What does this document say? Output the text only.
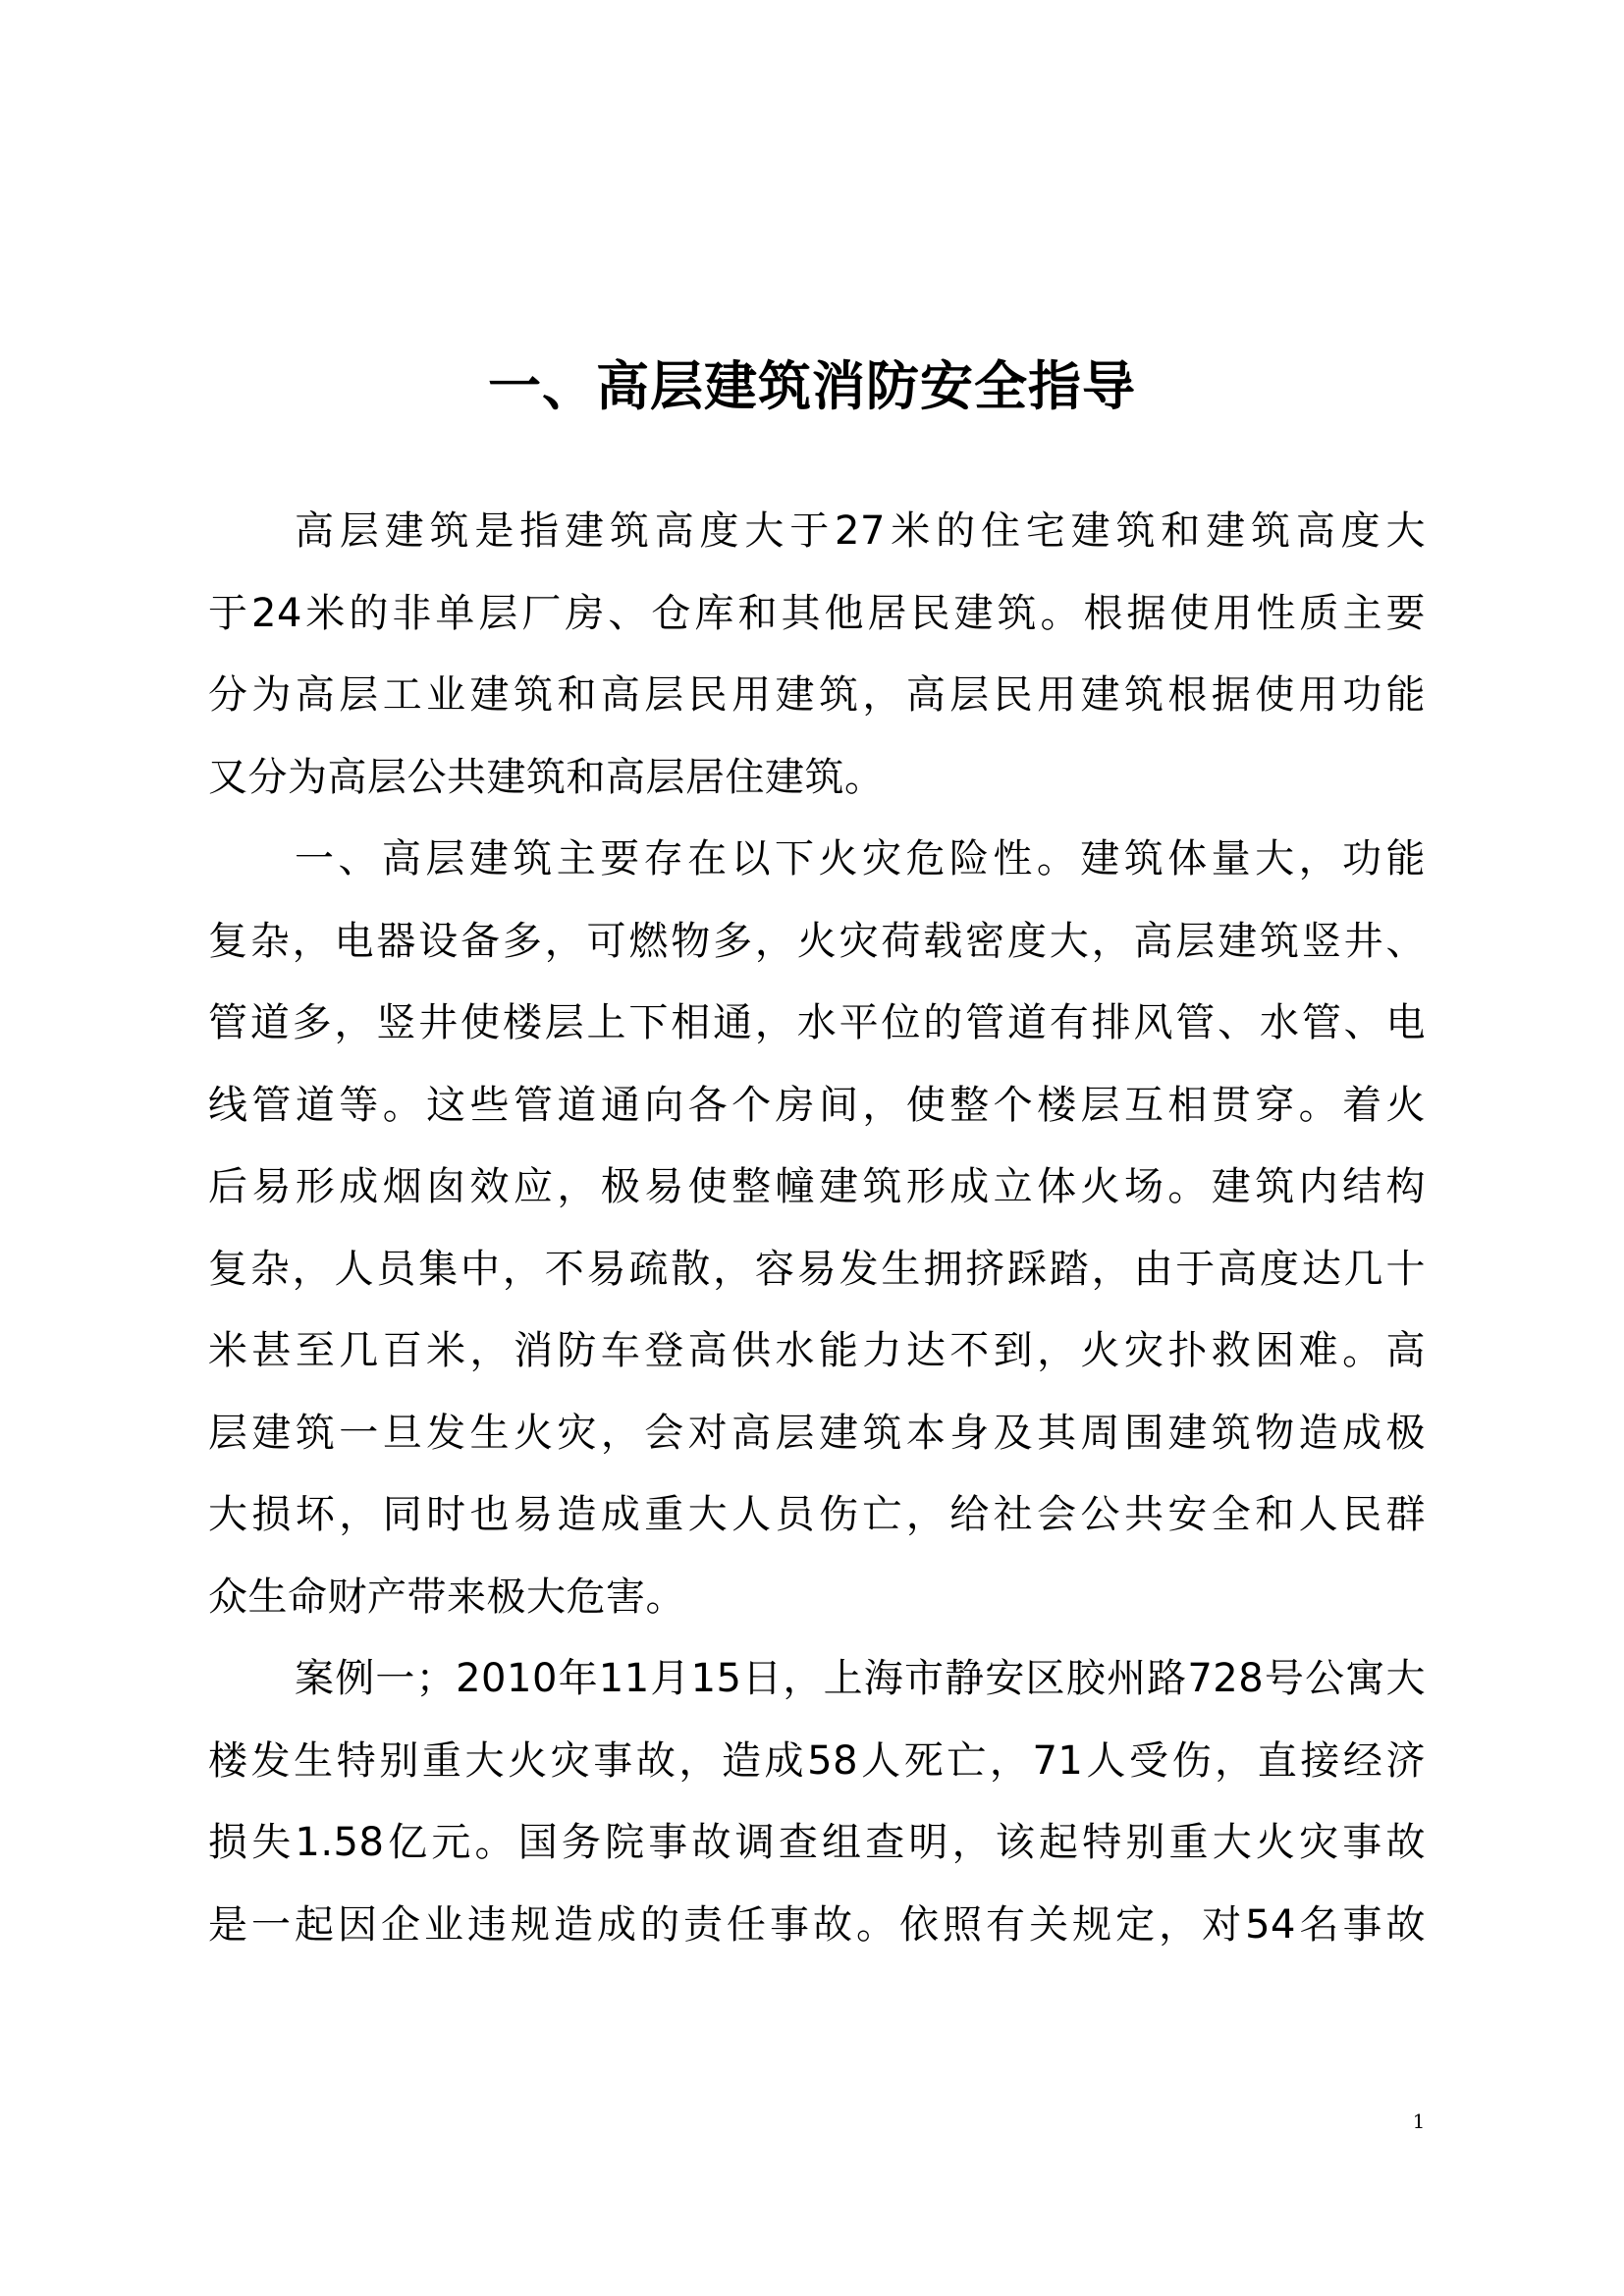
一、高层建筑消防安全指导
高层建筑是指建筑高度大于27米的住宅建筑和建筑高度大
于24米的非单层厂房、仓库和其他居民建筑。根据使用性质主要
分为高层工业建筑和高层民用建筑，高层民用建筑根据使用功能
又分为高层公共建筑和高层居住建筑。
一、高层建筑主要存在以下火灾危险性。建筑体量大，功能
复杂，电器设备多，可燃物多，火灾荷载密度大，高层建筑竖井、
管道多，竖井使楼层上下相通，水平位的管道有排风管、水管、电
线管道等。这些管道通向各个房间，使整个楼层互相贯穿。着火
后易形成烟囱效应，极易使整幢建筑形成立体火场。建筑内结构
复杂，人员集中，不易疏散，容易发生拥挤踩踏，由于高度达几十
米甚至几百米，消防车登高供水能力达不到，火灾扑救困难。高
层建筑一旦发生火灾，会对高层建筑本身及其周围建筑物造成极
大损坏，同时也易造成重大人员伤亡，给社会公共安全和人民群
众生命财产带来极大危害。
案例一；2010年11月15日，上海市静安区胶州路728号公寓大
楼发生特别重大火灾事故，造成58人死亡，71人受伤，直接经济
损失1.58亿元。国务院事故调查组查明，该起特别重大火灾事故
是一起因企业违规造成的责任事故。依照有关规定，对54名事故
1
